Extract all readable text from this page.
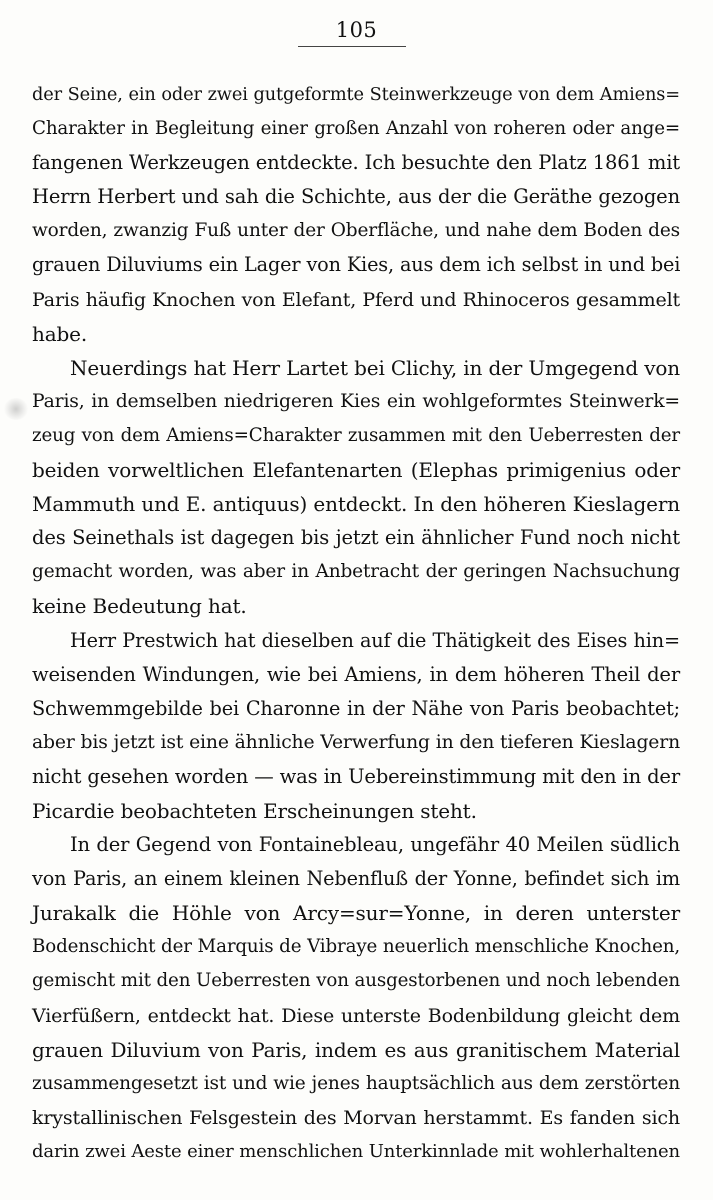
105
der Seine, ein oder zwei gutgeformte Steinwerkzeuge von dem Amiens=
Charakter in Begleitung einer großen Anzahl von roheren oder ange=
fangenen Werkzeugen entdeckte. Ich besuchte den Platz 1861 mit
Herrn Herbert und sah die Schichte, aus der die Geräthe gezogen
worden, zwanzig Fuß unter der Oberfläche, und nahe dem Boden des
grauen Diluviums ein Lager von Kies, aus dem ich selbst in und bei
Paris häufig Knochen von Elefant, Pferd und Rhinoceros gesammelt
habe.
Neuerdings hat Herr Lartet bei Clichy, in der Umgegend von
Paris, in demselben niedrigeren Kies ein wohlgeformtes Steinwerk=
zeug von dem Amiens=Charakter zusammen mit den Ueberresten der
beiden vorweltlichen Elefantenarten (Elephas primigenius oder
Mammuth und E. antiquus) entdeckt. In den höheren Kieslagern
des Seinethals ist dagegen bis jetzt ein ähnlicher Fund noch nicht
gemacht worden, was aber in Anbetracht der geringen Nachsuchung
keine Bedeutung hat.
Herr Prestwich hat dieselben auf die Thätigkeit des Eises hin=
weisenden Windungen, wie bei Amiens, in dem höheren Theil der
Schwemmgebilde bei Charonne in der Nähe von Paris beobachtet;
aber bis jetzt ist eine ähnliche Verwerfung in den tieferen Kieslagern
nicht gesehen worden — was in Uebereinstimmung mit den in der
Picardie beobachteten Erscheinungen steht.
In der Gegend von Fontainebleau, ungefähr 40 Meilen südlich
von Paris, an einem kleinen Nebenfluß der Yonne, befindet sich im
Jurakalk die Höhle von Arcy=sur=Yonne, in deren unterster
Bodenschicht der Marquis de Vibraye neuerlich menschliche Knochen,
gemischt mit den Ueberresten von ausgestorbenen und noch lebenden
Vierfüßern, entdeckt hat. Diese unterste Bodenbildung gleicht dem
grauen Diluvium von Paris, indem es aus granitischem Material
zusammengesetzt ist und wie jenes hauptsächlich aus dem zerstörten
krystallinischen Felsgestein des Morvan herstammt. Es fanden sich
darin zwei Aeste einer menschlichen Unterkinnlade mit wohlerhaltenen
